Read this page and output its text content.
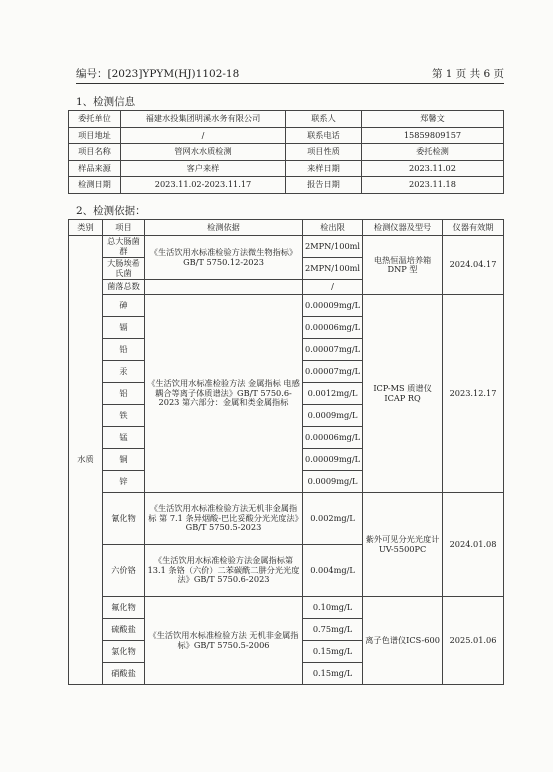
编号：[2023]YPYM(HJ)1102-18	第 1 页 共 6 页
1、检测信息
委托单位	福建水投集团明溪水务有限公司	联系人	郑馨文
项目地址	/	联系电话	15859809157
项目名称	管网水水质检测	项目性质	委托检测
样品来源	客户来样	来样日期	2023.11.02
检测日期	2023.11.02-2023.11.17	报告日期	2023.11.18
2、检测依据：
类别	项目	检测依据	检出限	检测仪器及型号	仪器有效期
水质	总大肠菌群	《生活饮用水标准检验方法微生物指标》GB/T 5750.12-2023	2MPN/100ml	电热恒温培养箱DNP 型	2024.04.17
	大肠埃希氏菌		2MPN/100ml		
	菌落总数		/		
	砷	《生活饮用水标准检验方法 金属指标 电感耦合等离子体质谱法》GB/T 5750.6-2023 第六部分：金属和类金属指标	0.00009mg/L	ICP-MS 质谱仪ICAP RQ	2023.12.17
	镉		0.00006mg/L		
	铅		0.00007mg/L		
	汞		0.00007mg/L		
	铝		0.0012mg/L		
	铁		0.0009mg/L		
	锰		0.00006mg/L		
	铜		0.00009mg/L		
	锌		0.0009mg/L		
	氰化物	《生活饮用水标准检验方法无机非金属指标 第 7.1 条异烟酸-巴比妥酸分光光度法》GB/T 5750.5-2023	0.002mg/L	紫外可见分光光度计 UV-5500PC	2024.01.08
	六价铬	《生活饮用水标准检验方法金属指标第 13.1 条铬（六价）二苯碳酰二肼分光光度法》GB/T 5750.6-2023	0.004mg/L		
	氟化物	《生活饮用水标准检验方法 无机非金属指标》GB/T 5750.5-2006	0.10mg/L	离子色谱仪ICS-600	2025.01.06
	硫酸盐		0.75mg/L		
	氯化物		0.15mg/L		
	硝酸盐		0.15mg/L		
